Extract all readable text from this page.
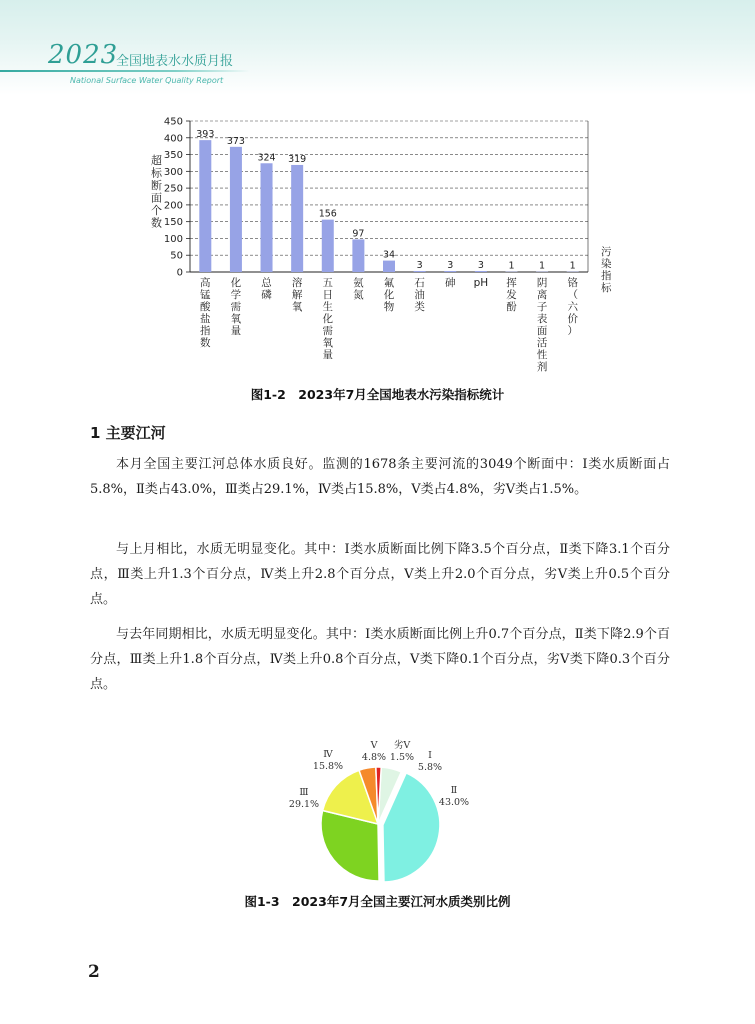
2023
全国地表水水质月报
National Surface Water Quality Report
0
50
100
150
200
250
300
350
400
450
超标断面个数
393
高锰酸盐指数
373
化学需氧量
324
总磷
319
溶解氧
156
五日生化需氧量
97
氨氮
34
氟化物
3
石油类
3
砷
3
pH
1
挥发酚
1
阴离子表面活性剂
1
铬（六价）
污染指标
图1-2　2023年7月全国地表水污染指标统计
1 主要江河

本月全国主要江河总体水质良好。监测的1678条主要河流的3049个断面中：Ⅰ类水质断面占5.8%，Ⅱ类占43.0%，Ⅲ类占29.1%，Ⅳ类占15.8%，Ⅴ类占4.8%，劣Ⅴ类占1.5%。

与上月相比，水质无明显变化。其中：Ⅰ类水质断面比例下降3.5个百分点，Ⅱ类下降3.1个百分点，Ⅲ类上升1.3个百分点，Ⅳ类上升2.8个百分点，Ⅴ类上升2.0个百分点，劣Ⅴ类上升0.5个百分点。

与去年同期相比，水质无明显变化。其中：Ⅰ类水质断面比例上升0.7个百分点，Ⅱ类下降2.9个百分点，Ⅲ类上升1.8个百分点，Ⅳ类上升0.8个百分点，Ⅴ类下降0.1个百分点，劣Ⅴ类下降0.3个百分点。

Ⅰ
5.8%
Ⅱ
43.0%
Ⅲ
29.1%
Ⅳ
15.8%
Ⅴ
4.8%
劣Ⅴ
1.5%
图1-3　2023年7月全国主要江河水质类别比例
2
